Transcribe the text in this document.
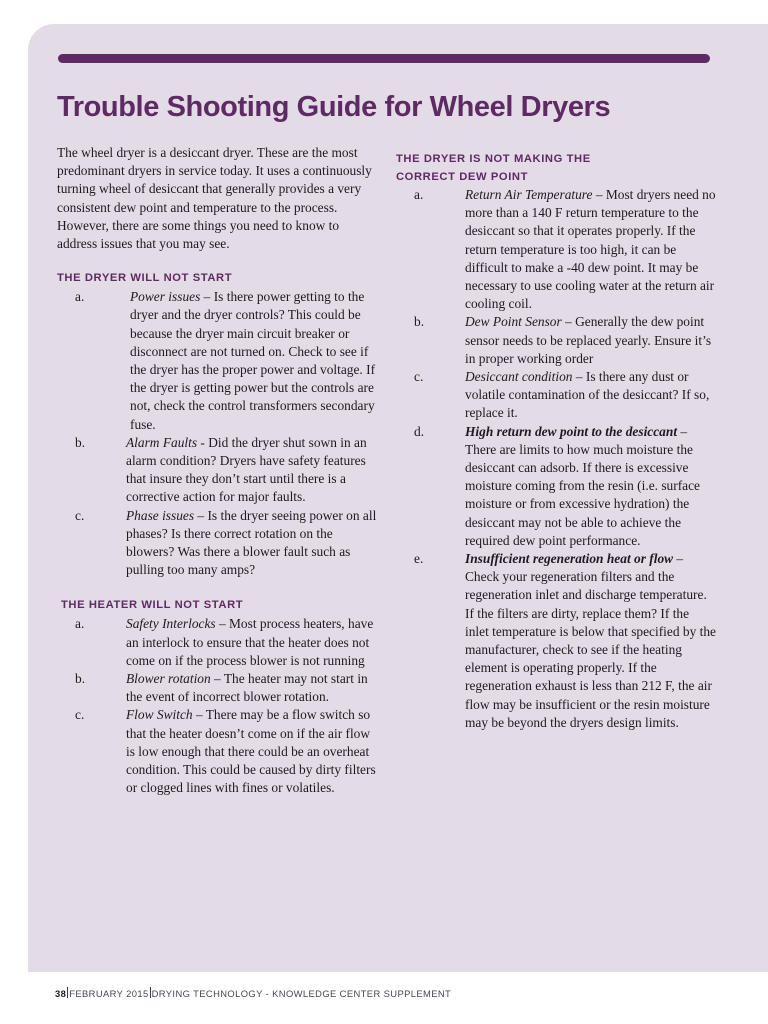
Trouble Shooting Guide for Wheel Dryers

The wheel dryer is a desiccant dryer. These are the most predominant dryers in service today. It uses a continuously turning wheel of desiccant that generally provides a very consistent dew point and temperature to the process. However, there are some things you need to know to address issues that you may see.

THE DRYER WILL NOT START
a.	Power issues – Is there power getting to the dryer and the dryer controls? This could be because the dryer main circuit breaker or disconnect are not turned on. Check to see if the dryer has the proper power and voltage. If the dryer is getting power but the controls are not, check the control transformers secondary fuse.
b.	Alarm Faults - Did the dryer shut sown in an alarm condition? Dryers have safety features that insure they don’t start until there is a corrective action for major faults.
c.	Phase issues – Is the dryer seeing power on all phases? Is there correct rotation on the blowers? Was there a blower fault such as pulling too many amps?
THE HEATER WILL NOT START
a.	Safety Interlocks – Most process heaters, have an interlock to ensure that the heater does not come on if the process blower is not running
b.	Blower rotation – The heater may not start in the event of incorrect blower rotation.
c.	Flow Switch – There may be a flow switch so that the heater doesn’t come on if the air flow is low enough that there could be an overheat condition. This could be caused by dirty filters or clogged lines with fines or volatiles.
THE DRYER IS NOT MAKING THE CORRECT DEW POINT
a.	Return Air Temperature – Most dryers need no more than a 140 F return temperature to the desiccant so that it operates properly. If the return temperature is too high, it can be difficult to make a -40 dew point. It may be necessary to use cooling water at the return air cooling coil.
b.	Dew Point Sensor – Generally the dew point sensor needs to be replaced yearly. Ensure it’s in proper working order
c.	Desiccant condition – Is there any dust or volatile contamination of the desiccant? If so, replace it.
d.	High return dew point to the desiccant – There are limits to how much moisture the desiccant can adsorb. If there is excessive moisture coming from the resin (i.e. surface moisture or from excessive hydration) the desiccant may not be able to achieve the required dew point performance.
e.	Insufficient regeneration heat or flow – Check your regeneration filters and the regeneration inlet and discharge temperature. If the filters are dirty, replace them? If the inlet temperature is below that specified by the manufacturer, check to see if the heating element is operating properly. If the regeneration exhaust is less than 212 F, the air flow may be insufficient or the resin moisture may be beyond the dryers design limits.
38 FEBRUARY 2015 DRYING TECHNOLOGY - KNOWLEDGE CENTER SUPPLEMENT
